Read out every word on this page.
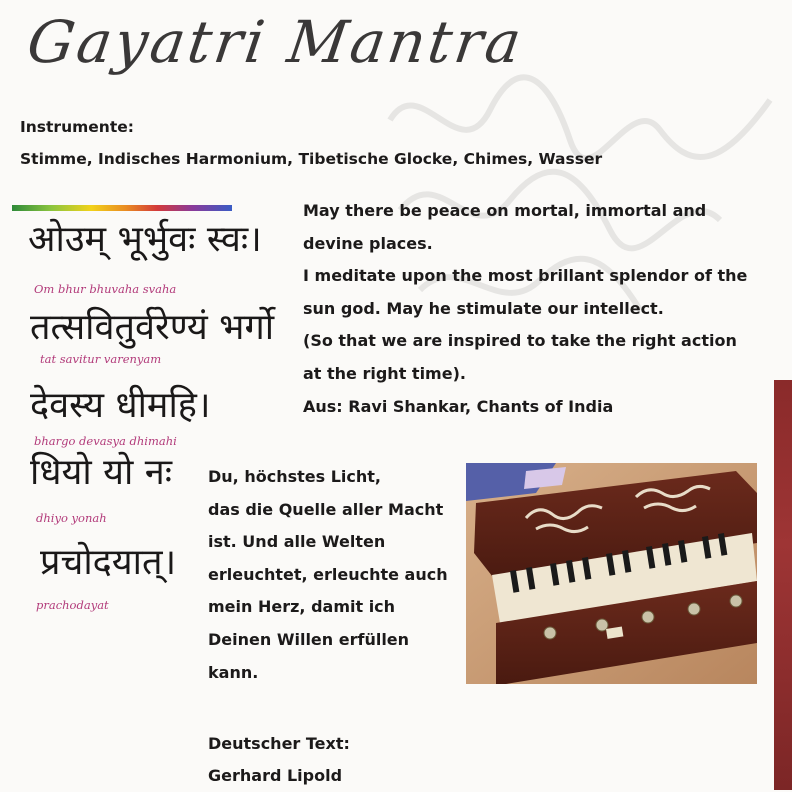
Gayatri Mantra
Instrumente:
Stimme, Indisches Harmonium, Tibetische Glocke, Chimes, Wasser
ओउम् भूर्भुवः स्वः।
Om bhur bhuvaha svaha
तत्सवितुर्वरेण्यं भर्गो
tat savitur varenyam
देवस्य धीमहि।
bhargo devasya dhimahi
धियो यो नः
dhiyo yonah
प्रचोदयात्।
prachodayat
May there be peace on mortal, immortal and
devine places.
I meditate upon the most brillant splendor of the
sun god. May he stimulate our intellect.
(So that we are inspired to take the right action
at the right time).
Aus: Ravi Shankar, Chants of India
Du, höchstes Licht,
das die Quelle aller Macht
ist. Und alle Welten
erleuchtet, erleuchte auch
mein Herz, damit ich
Deinen Willen erfüllen
kann.
Deutscher Text:
Gerhard Lipold
